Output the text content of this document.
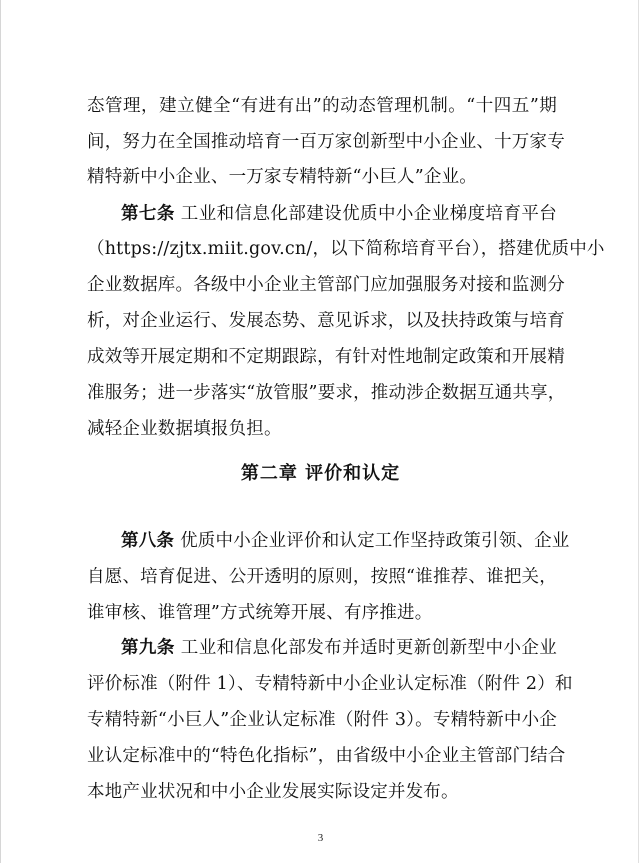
态管理，建立健全“有进有出”的动态管理机制。“十四五”期
间，努力在全国推动培育一百万家创新型中小企业、十万家专
精特新中小企业、一万家专精特新“小巨人”企业。
第七条 工业和信息化部建设优质中小企业梯度培育平台
（https://zjtx.miit.gov.cn/，以下简称培育平台），搭建优质中小
企业数据库。各级中小企业主管部门应加强服务对接和监测分
析，对企业运行、发展态势、意见诉求，以及扶持政策与培育
成效等开展定期和不定期跟踪，有针对性地制定政策和开展精
准服务；进一步落实“放管服”要求，推动涉企数据互通共享，
减轻企业数据填报负担。
第二章 评价和认定
第八条 优质中小企业评价和认定工作坚持政策引领、企业
自愿、培育促进、公开透明的原则，按照“谁推荐、谁把关，
谁审核、谁管理”方式统筹开展、有序推进。
第九条 工业和信息化部发布并适时更新创新型中小企业
评价标准（附件 1）、专精特新中小企业认定标准（附件 2）和
专精特新“小巨人”企业认定标准（附件 3）。专精特新中小企
业认定标准中的“特色化指标”，由省级中小企业主管部门结合
本地产业状况和中小企业发展实际设定并发布。
3
